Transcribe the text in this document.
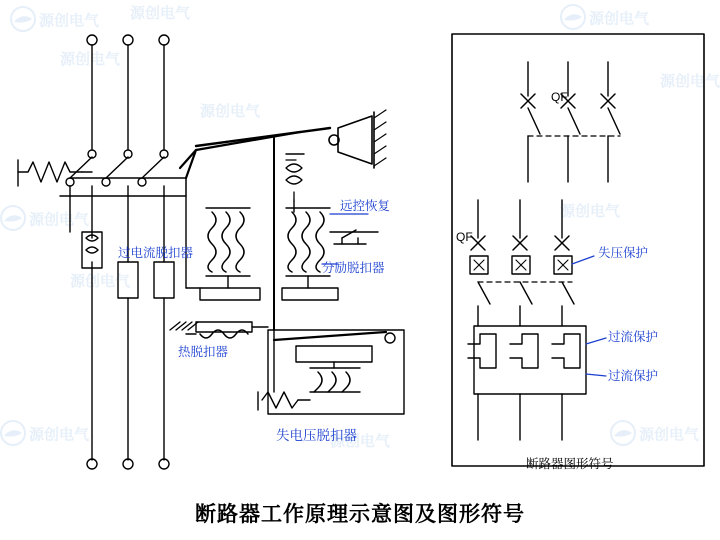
源创电气 源创电气
源创电气
源创电气
源创电气
源创电气
源创电气	源创电气
源创电气
源创电气
源创电气
源创电气
过电流脱扣器
分励脱扣器
远控恢复
热脱扣器
失电压脱扣器
QF
QF
失压保护
过流保护
过流保护
断路器图形符号
断路器工作原理示意图及图形符号
